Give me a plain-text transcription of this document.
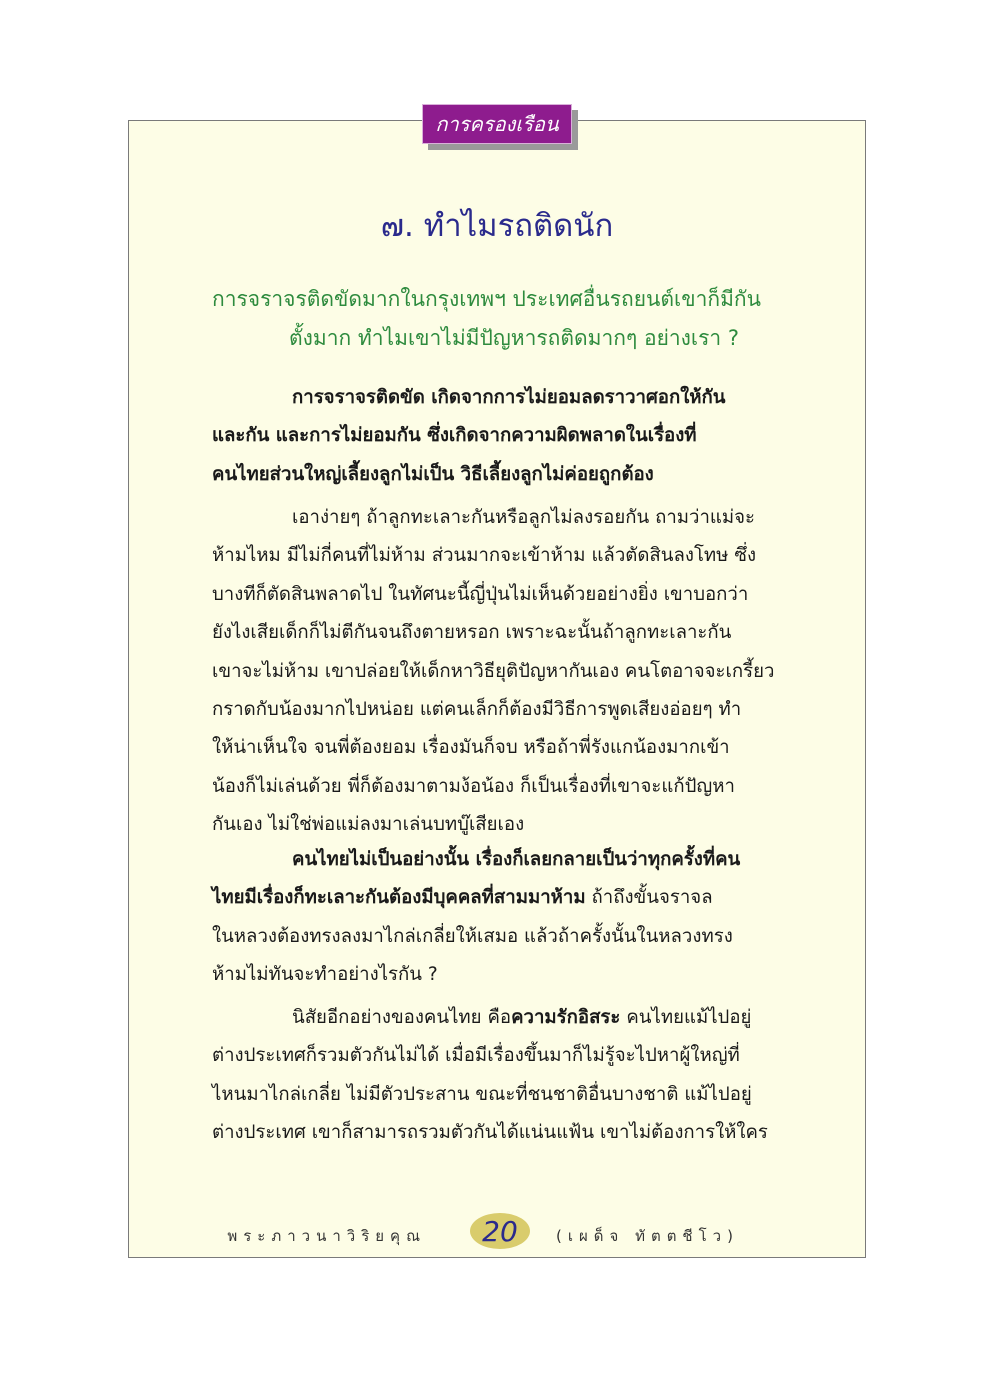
การครองเรือน
๗. ทำไมรถติดนัก
การจราจรติดขัดมากในกรุงเทพฯ ประเทศอื่นรถยนต์เขาก็มีกัน
ตั้งมาก ทำไมเขาไม่มีปัญหารถติดมากๆ อย่างเรา ?
การจราจรติดขัด เกิดจากการไม่ยอมลดราวาศอกให้กัน
และกัน และการไม่ยอมกัน ซึ่งเกิดจากความผิดพลาดในเรื่องที่
คนไทยส่วนใหญ่เลี้ยงลูกไม่เป็น วิธีเลี้ยงลูกไม่ค่อยถูกต้อง
เอาง่ายๆ ถ้าลูกทะเลาะกันหรือลูกไม่ลงรอยกัน ถามว่าแม่จะ
ห้ามไหม มีไม่กี่คนที่ไม่ห้าม ส่วนมากจะเข้าห้าม แล้วตัดสินลงโทษ ซึ่ง
บางทีก็ตัดสินพลาดไป ในทัศนะนี้ญี่ปุ่นไม่เห็นด้วยอย่างยิ่ง เขาบอกว่า
ยังไงเสียเด็กก็ไม่ตีกันจนถึงตายหรอก เพราะฉะนั้นถ้าลูกทะเลาะกัน
เขาจะไม่ห้าม เขาปล่อยให้เด็กหาวิธียุติปัญหากันเอง คนโตอาจจะเกรี้ยว
กราดกับน้องมากไปหน่อย แต่คนเล็กก็ต้องมีวิธีการพูดเสียงอ่อยๆ ทำ
ให้น่าเห็นใจ จนพี่ต้องยอม เรื่องมันก็จบ หรือถ้าพี่รังแกน้องมากเข้า
น้องก็ไม่เล่นด้วย พี่ก็ต้องมาตามง้อน้อง ก็เป็นเรื่องที่เขาจะแก้ปัญหา
กันเอง ไม่ใช่พ่อแม่ลงมาเล่นบทบู๊เสียเอง
คนไทยไม่เป็นอย่างนั้น เรื่องก็เลยกลายเป็นว่าทุกครั้งที่คน
ไทยมีเรื่องก็ทะเลาะกันต้องมีบุคคลที่สามมาห้าม ถ้าถึงขั้นจราจล
ในหลวงต้องทรงลงมาไกล่เกลี่ยให้เสมอ แล้วถ้าครั้งนั้นในหลวงทรง
ห้ามไม่ทันจะทำอย่างไรกัน ?
นิสัยอีกอย่างของคนไทย คือความรักอิสระ คนไทยแม้ไปอยู่
ต่างประเทศก็รวมตัวกันไม่ได้ เมื่อมีเรื่องขึ้นมาก็ไม่รู้จะไปหาผู้ใหญ่ที่
ไหนมาไกล่เกลี่ย ไม่มีตัวประสาน ขณะที่ชนชาติอื่นบางชาติ แม้ไปอยู่
ต่างประเทศ เขาก็สามารถรวมตัวกันได้แน่นแฟ้น เขาไม่ต้องการให้ใคร
พระภาวนาวิริยคุณ 20	(เผด็จ ทัตตชีโว)
